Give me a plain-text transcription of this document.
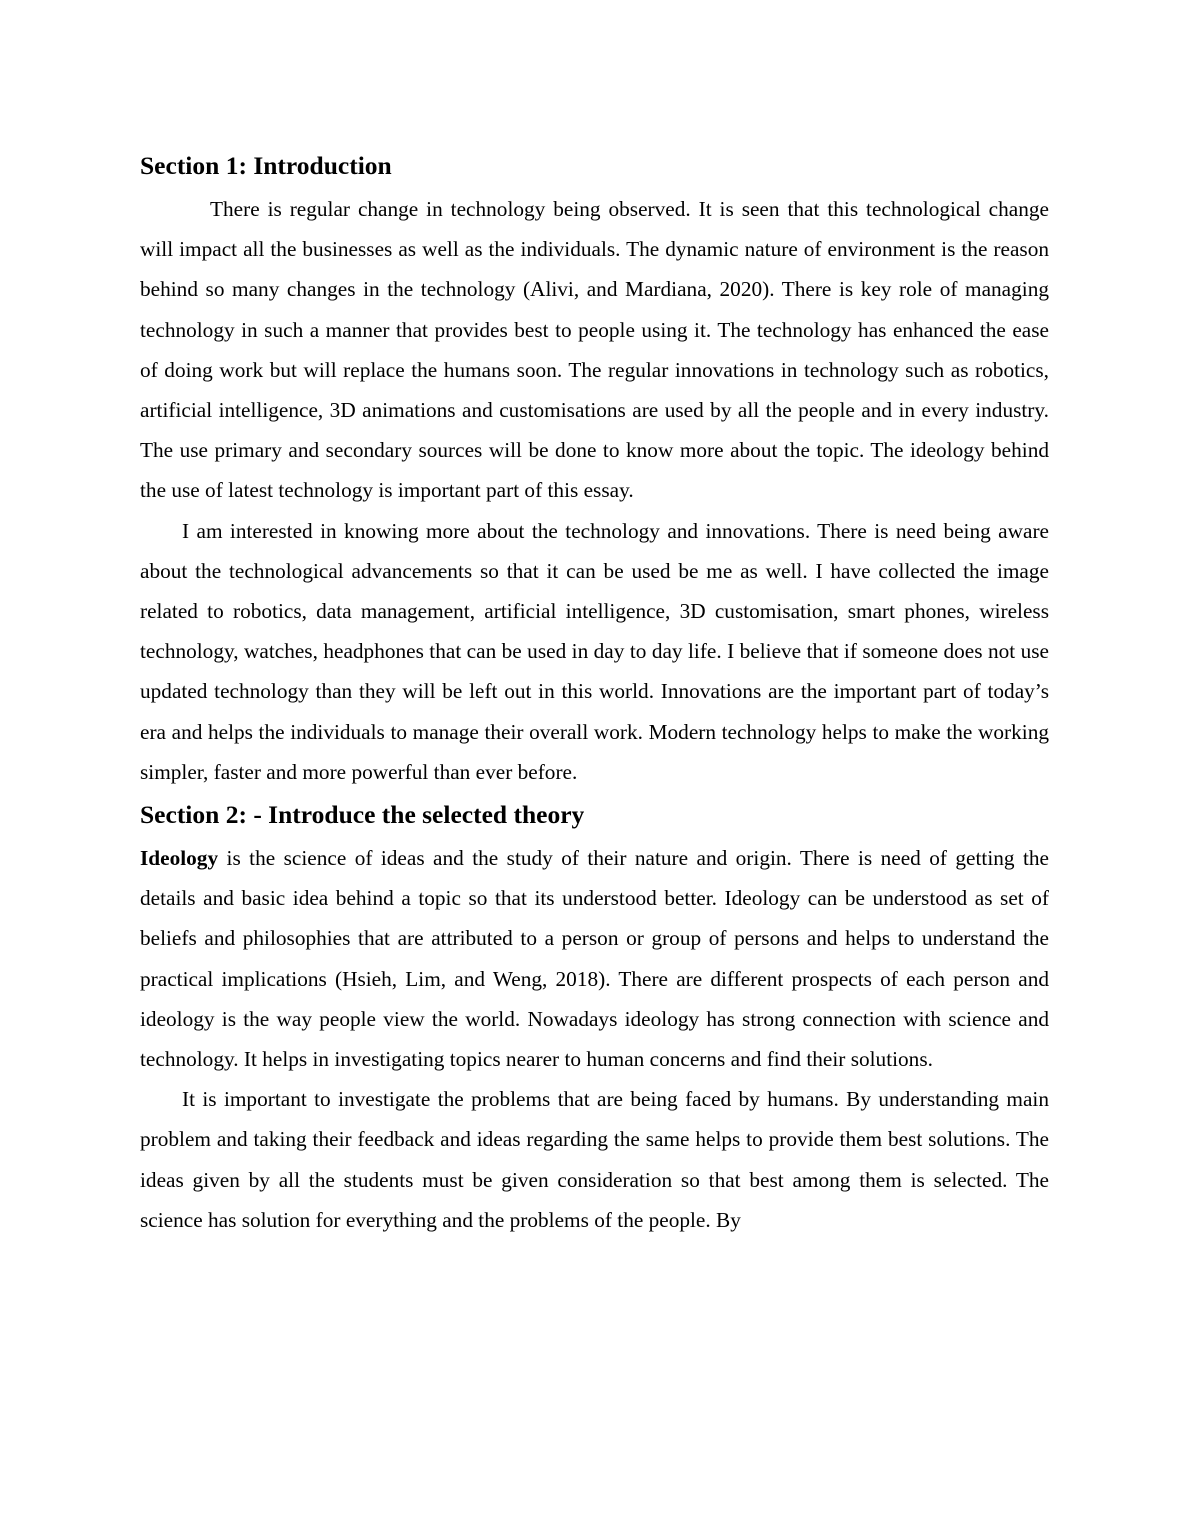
Section 1: Introduction

There is regular change in technology being observed. It is seen that this technological change will impact all the businesses as well as the individuals. The dynamic nature of environment is the reason behind so many changes in the technology (Alivi, and Mardiana, 2020). There is key role of managing technology in such a manner that provides best to people using it. The technology has enhanced the ease of doing work but will replace the humans soon. The regular innovations in technology such as robotics, artificial intelligence, 3D animations and customisations are used by all the people and in every industry. The use primary and secondary sources will be done to know more about the topic. The ideology behind the use of latest technology is important part of this essay.

I am interested in knowing more about the technology and innovations. There is need being aware about the technological advancements so that it can be used be me as well. I have collected the image related to robotics, data management, artificial intelligence, 3D customisation, smart phones, wireless technology, watches, headphones that can be used in day to day life. I believe that if someone does not use updated technology than they will be left out in this world. Innovations are the important part of today’s era and helps the individuals to manage their overall work. Modern technology helps to make the working simpler, faster and more powerful than ever before.

Section 2: - Introduce the selected theory

Ideology is the science of ideas and the study of their nature and origin. There is need of getting the details and basic idea behind a topic so that its understood better. Ideology can be understood as set of beliefs and philosophies that are attributed to a person or group of persons and helps to understand the practical implications (Hsieh, Lim, and Weng, 2018). There are different prospects of each person and ideology is the way people view the world. Nowadays ideology has strong connection with science and technology. It helps in investigating topics nearer to human concerns and find their solutions.

It is important to investigate the problems that are being faced by humans. By understanding main problem and taking their feedback and ideas regarding the same helps to provide them best solutions. The ideas given by all the students must be given consideration so that best among them is selected. The science has solution for everything and the problems of the people. By
